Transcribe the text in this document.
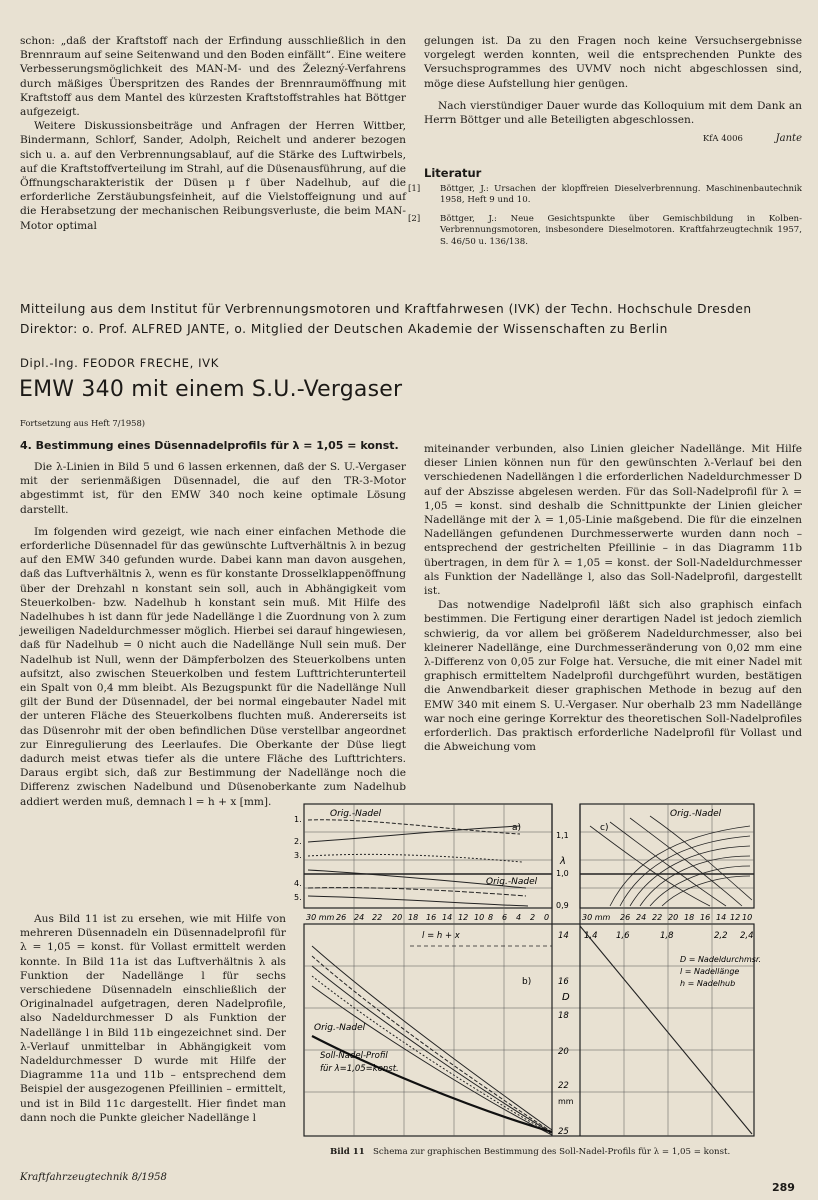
schon: „daß der Kraftstoff nach der Erfindung ausschließlich in den Brennraum auf seine Seitenwand und den Boden einfällt“. Eine weitere Verbesserungsmöglichkeit des MAN-M- und des Železný-Verfahrens durch mäßiges Überspritzen des Randes der Brennraumöffnung mit Kraftstoff aus dem Mantel des kürzesten Kraftstoffstrahles hat Böttger aufgezeigt.

Weitere Diskussionsbeiträge und Anfragen der Herren Wittber, Bindermann, Schlorf, Sander, Adolph, Reichelt und anderer bezogen sich u. a. auf den Verbrennungsablauf, auf die Stärke des Luftwirbels, auf die Kraftstoffverteilung im Strahl, auf die Düsenausführung, auf die Öffnungscharakteristik der Düsen μ f über Nadelhub, auf die erforderliche Zerstäubungsfeinheit, auf die Vielstoffeignung und auf die Herabsetzung der mechanischen Reibungsverluste, die beim MAN-Motor optimal

gelungen ist. Da zu den Fragen noch keine Versuchsergebnisse vorgelegt werden konnten, weil die entsprechenden Punkte des Versuchsprogrammes des UVMV noch nicht abgeschlossen sind, möge diese Aufstellung hier genügen.

Nach vierstündiger Dauer wurde das Kolloquium mit dem Dank an Herrn Böttger und alle Beteiligten abgeschlossen.

KfA 4006	Jante
Literatur
[1] Böttger, J.: Ursachen der klopffreien Dieselverbrennung. Maschinenbautechnik 1958, Heft 9 und 10.
[2] Böttger, J.: Neue Gesichtspunkte über Gemischbildung in Kolben-Verbrennungsmotoren, insbesondere Dieselmotoren. Kraftfahrzeugtechnik 1957, S. 46/50 u. 136/138.
Mitteilung aus dem Institut für Verbrennungsmotoren und Kraftfahrwesen (IVK) der Techn. Hochschule Dresden
Direktor: o. Prof. ALFRED JANTE, o. Mitglied der Deutschen Akademie der Wissenschaften zu Berlin
Dipl.-Ing. FEODOR FRECHE, IVK
EMW 340 mit einem S.U.-Vergaser
Fortsetzung aus Heft 7/1958)
4. Bestimmung eines Düsennadelprofils für λ = 1,05 = konst.

Die λ-Linien in Bild 5 und 6 lassen erkennen, daß der S. U.-Vergaser mit der serienmäßigen Düsennadel, die auf den TR-3-Motor abgestimmt ist, für den EMW 340 noch keine optimale Lösung darstellt.

Im folgenden wird gezeigt, wie nach einer einfachen Methode die erforderliche Düsennadel für das gewünschte Luftverhältnis λ in bezug auf den EMW 340 gefunden wurde. Dabei kann man davon ausgehen, daß das Luftverhältnis λ, wenn es für konstante Drosselklappenöffnung über der Drehzahl n konstant sein soll, auch in Abhängigkeit vom Steuerkolben- bzw. Nadelhub h konstant sein muß. Mit Hilfe des Nadelhubes h ist dann für jede Nadellänge l die Zuordnung von λ zum jeweiligen Nadeldurchmesser möglich. Hierbei sei darauf hingewiesen, daß für Nadelhub = 0 nicht auch die Nadellänge Null sein muß. Der Nadelhub ist Null, wenn der Dämpferbolzen des Steuerkolbens unten aufsitzt, also zwischen Steuerkolben und festem Lufttrichterunterteil ein Spalt von 0,4 mm bleibt. Als Bezugspunkt für die Nadellänge Null gilt der Bund der Düsennadel, der bei normal eingebauter Nadel mit der unteren Fläche des Steuerkolbens fluchten muß. Andererseits ist das Düsenrohr mit der oben befindlichen Düse verstellbar angeordnet zur Einregulierung des Leerlaufes. Die Oberkante der Düse liegt dadurch meist etwas tiefer als die untere Fläche des Lufttrichters. Daraus ergibt sich, daß zur Bestimmung der Nadellänge noch die Differenz zwischen Nadelbund und Düsenoberkante zum Nadelhub addiert werden muß, demnach l = h + x [mm].

Aus Bild 11 ist zu ersehen, wie mit Hilfe von mehreren Düsennadeln ein Düsennadelprofil für λ = 1,05 = konst. für Vollast ermittelt werden konnte. In Bild 11a ist das Luftverhältnis λ als Funktion der Nadellänge l für sechs verschiedene Düsennadeln einschließlich der Originalnadel aufgetragen, deren Nadelprofile, also Nadeldurchmesser D als Funktion der Nadellänge l in Bild 11b eingezeichnet sind. Der λ-Verlauf unmittelbar in Abhängigkeit vom Nadeldurchmesser D wurde mit Hilfe der Diagramme 11a und 11b – entsprechend dem Beispiel der ausgezogenen Pfeillinien – ermittelt, und ist in Bild 11c dargestellt. Hier findet man dann noch die Punkte gleicher Nadellänge l

miteinander verbunden, also Linien gleicher Nadellänge. Mit Hilfe dieser Linien können nun für den gewünschten λ-Verlauf bei den verschiedenen Nadellängen l die erforderlichen Nadeldurchmesser D auf der Abszisse abgelesen werden. Für das Soll-Nadelprofil für λ = 1,05 = konst. sind deshalb die Schnittpunkte der Linien gleicher Nadellänge mit der λ = 1,05-Linie maßgebend. Die für die einzelnen Nadellängen gefundenen Durchmesserwerte wurden dann noch – entsprechend der gestrichelten Pfeillinie – in das Diagramm 11b übertragen, in dem für λ = 1,05 = konst. der Soll-Nadeldurchmesser als Funktion der Nadellänge l, also das Soll-Nadelprofil, dargestellt ist.

Das notwendige Nadelprofil läßt sich also graphisch einfach bestimmen. Die Fertigung einer derartigen Nadel ist jedoch ziemlich schwierig, da vor allem bei größerem Nadeldurchmesser, also bei kleinerer Nadellänge, eine Durchmesseränderung von 0,02 mm eine λ-Differenz von 0,05 zur Folge hat. Versuche, die mit einer Nadel mit graphisch ermitteltem Nadelprofil durchgeführt wurden, bestätigen die Anwendbarkeit dieser graphischen Methode in bezug auf den EMW 340 mit einem S. U.-Vergaser. Nur oberhalb 23 mm Nadellänge war noch eine geringe Korrektur des theoretischen Soll-Nadelprofiles erforderlich. Das praktisch erforderliche Nadelprofil für Vollast und die Abweichung vom

Orig.-Nadel
Orig.-Nadel
Orig.-Nadel
Orig.-Nadel
a)
b)
c)
λ
1,1
1,0
0,9
1.
2.
3.
4.
5.
30 mm 26 24 22 20 18 16 14 12 10 8 6 4 2 0
l = h + x
30 mm 26 24 22 20 18 16 14 12 10
1,4 1,6	1,8	2,2 2,4
14
16
18
20
22
25
D
mm
D = Nadeldurchmsr.
l = Nadellänge
h = Nadelhub
Soll-Nadel-Profil
für λ=1,05=konst.
Bild 11 Schema zur graphischen Bestimmung des Soll-Nadel-Profils für λ = 1,05 = konst.
Kraftfahrzeugtechnik 8/1958
289
